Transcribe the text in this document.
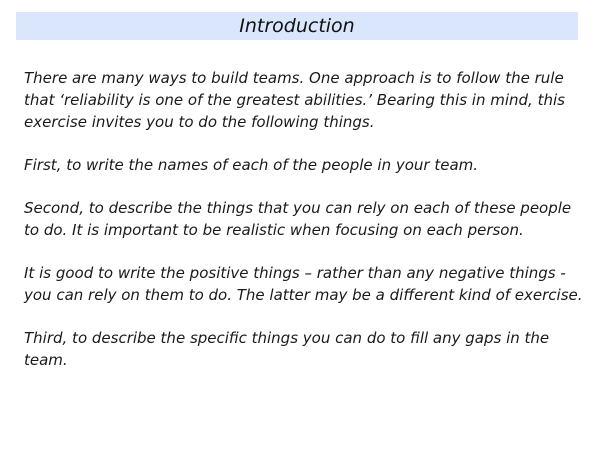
Introduction

There are many ways to build teams. One approach is to follow the rule that ‘reliability is one of the greatest abilities.’ Bearing this in mind, this exercise invites you to do the following things.

First, to write the names of each of the people in your team.

Second, to describe the things that you can rely on each of these people to do. It is important to be realistic when focusing on each person.

It is good to write the positive things – rather than any negative things - you can rely on them to do. The latter may be a different kind of exercise.

Third, to describe the specific things you can do to fill any gaps in the team.
